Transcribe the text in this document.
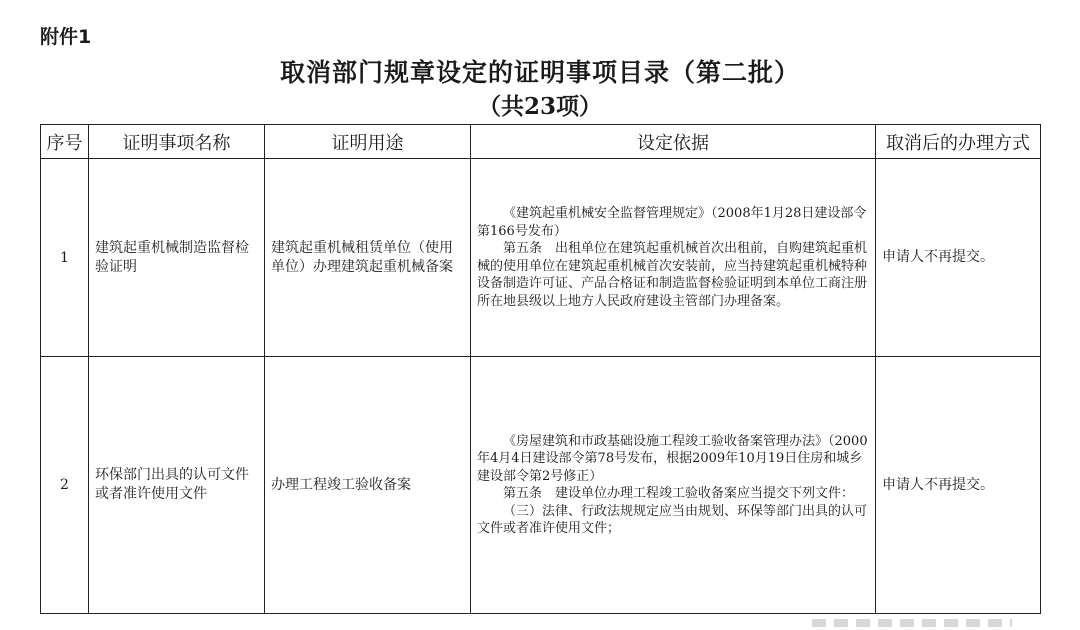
附件1
取消部门规章设定的证明事项目录（第二批）
（共23项）
序号	证明事项名称	证明用途	设定依据	取消后的办理方式
1	建筑起重机械制造监督检验证明	建筑起重机械租赁单位（使用单位）办理建筑起重机械备案	《建筑起重机械安全监督管理规定》（2008年1月28日建设部令第166号发布）
第五条　出租单位在建筑起重机械首次出租前，自购建筑起重机械的使用单位在建筑起重机械首次安装前，应当持建筑起重机械特种设备制造许可证、产品合格证和制造监督检验证明到本单位工商注册所在地县级以上地方人民政府建设主管部门办理备案。	申请人不再提交。
2	环保部门出具的认可文件或者准许使用文件	办理工程竣工验收备案	《房屋建筑和市政基础设施工程竣工验收备案管理办法》（2000年4月4日建设部令第78号发布，根据2009年10月19日住房和城乡建设部令第2号修正）
第五条　建设单位办理工程竣工验收备案应当提交下列文件：
（三）法律、行政法规规定应当由规划、环保等部门出具的认可文件或者准许使用文件；	申请人不再提交。
